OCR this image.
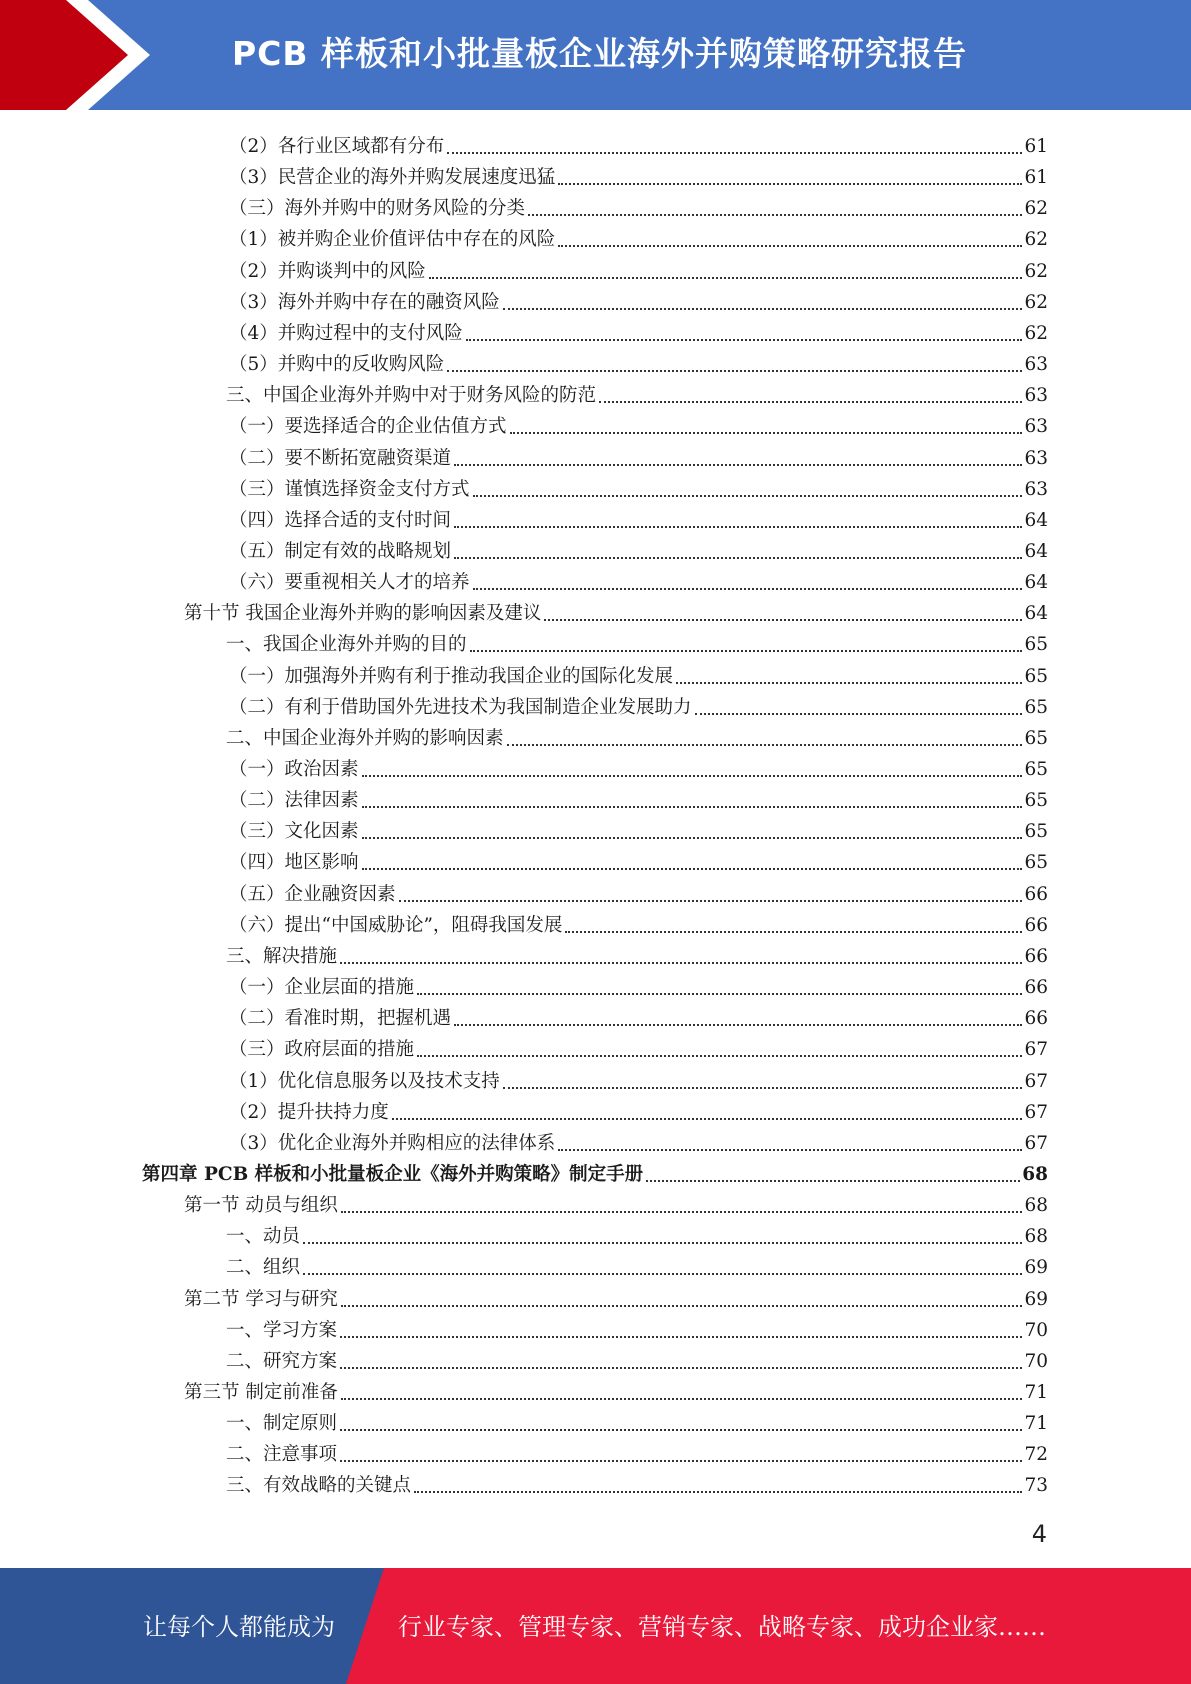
PCB 样板和小批量板企业海外并购策略研究报告
（2）各行业区域都有分布	61
（3）民营企业的海外并购发展速度迅猛	61
（三）海外并购中的财务风险的分类	62
（1）被并购企业价值评估中存在的风险	62
（2）并购谈判中的风险	62
（3）海外并购中存在的融资风险	62
（4）并购过程中的支付风险	62
（5）并购中的反收购风险	63
三、中国企业海外并购中对于财务风险的防范	63
（一）要选择适合的企业估值方式	63
（二）要不断拓宽融资渠道	63
（三）谨慎选择资金支付方式	63
（四）选择合适的支付时间	64
（五）制定有效的战略规划	64
（六）要重视相关人才的培养	64
第十节 我国企业海外并购的影响因素及建议	64
一、我国企业海外并购的目的	65
（一）加强海外并购有利于推动我国企业的国际化发展	65
（二）有利于借助国外先进技术为我国制造企业发展助力	65
二、中国企业海外并购的影响因素	65
（一）政治因素	65
（二）法律因素	65
（三）文化因素	65
（四）地区影响	65
（五）企业融资因素	66
（六）提出“中国威胁论”，阻碍我国发展	66
三、解决措施	66
（一）企业层面的措施	66
（二）看准时期，把握机遇	66
（三）政府层面的措施	67
（1）优化信息服务以及技术支持	67
（2）提升扶持力度	67
（3）优化企业海外并购相应的法律体系	67
第四章 PCB 样板和小批量板企业《海外并购策略》制定手册	68
第一节 动员与组织	68
一、动员	68
二、组织	69
第二节 学习与研究	69
一、学习方案	70
二、研究方案	70
第三节 制定前准备	71
一、制定原则	71
二、注意事项	72
三、有效战略的关键点	73
4
让每个人都能成为	行业专家、管理专家、营销专家、战略专家、成功企业家……
